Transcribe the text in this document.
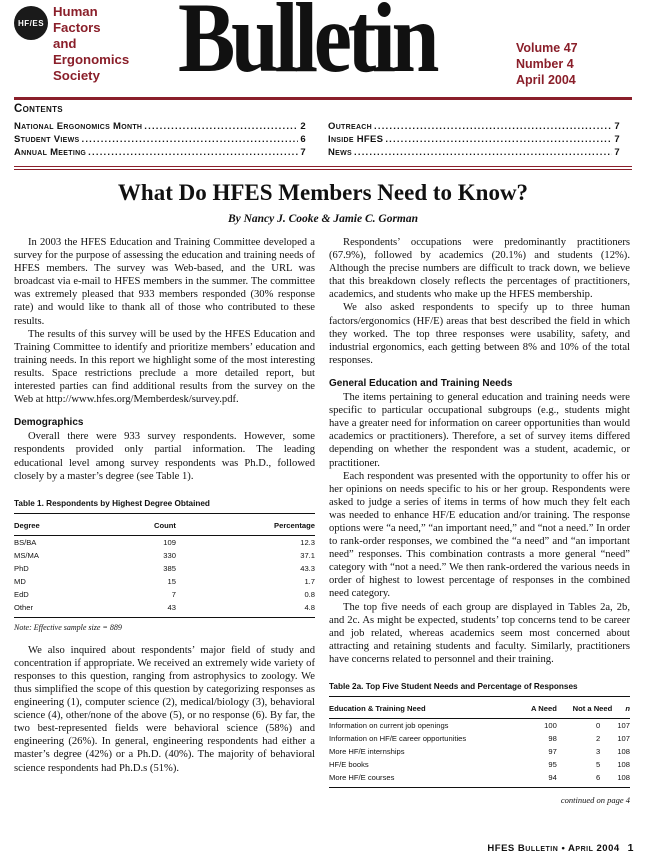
HF/ES
Human
Factors
and
Ergonomics
Society Bulletin	Volume 47
Number 4
April 2004
Contents
National Ergonomics Month .....	2
Student Views .....	6
Annual Meeting .....	7
Outreach .....	7
Inside HFES .....	7
News .....	7
What Do HFES Members Need to Know?
By Nancy J. Cooke & Jamie C. Gorman

In 2003 the HFES Education and Training Committee developed a survey for the purpose of assessing the education and training needs of HFES members. The survey was Web-based, and the URL was broadcast via e-mail to HFES members in the summer. The committee was extremely pleased that 933 members responded (30% response rate) and would like to thank all of those who contributed to these results.

The results of this survey will be used by the HFES Education and Training Committee to identify and prioritize members’ education and training needs. In this report we highlight some of the most interesting results. Space restrictions preclude a more detailed report, but interested parties can find additional results from the survey on the Web at http://www.hfes.org/Memberdesk/survey.pdf.

Demographics

Overall there were 933 survey respondents. However, some respondents provided only partial information. The leading educational level among survey respondents was Ph.D., followed closely by a master’s degree (see Table 1).

Table 1. Respondents by Highest Degree Obtained
Degree	Count	Percentage
BS/BA	109	12.3
MS/MA	330	37.1
PhD	385	43.3
MD	15	1.7
EdD	7	0.8
Other	43	4.8
Note: Effective sample size = 889

We also inquired about respondents’ major field of study and concentration if appropriate. We received an extremely wide variety of responses to this question, ranging from astrophysics to zoology. We thus simplified the scope of this question by categorizing responses as engineering (1), computer science (2), medical/biology (3), behavioral science (4), other/none of the above (5), or no response (6). By far, the two best-represented fields were behavioral science (58%) and engineering (26%). In general, engineering respondents had either a master’s degree (42%) or a Ph.D. (40%). The majority of behavioral science respondents had Ph.D.s (51%).

Respondents’ occupations were predominantly practitioners (67.9%), followed by academics (20.1%) and students (12%). Although the precise numbers are difficult to track down, we believe that this breakdown closely reflects the percentages of practitioners, academics, and students who make up the HFES membership.

We also asked respondents to specify up to three human factors/ergonomics (HF/E) areas that best described the field in which they worked. The top three responses were usability, safety, and industrial ergonomics, each getting between 8% and 10% of the total responses.

General Education and Training Needs

The items pertaining to general education and training needs were specific to particular occupational subgroups (e.g., students might have a greater need for information on career opportunities than would academics or practitioners). Therefore, a set of survey items differed depending on whether the respondent was a student, academic, or practitioner.

Each respondent was presented with the opportunity to offer his or her opinions on needs specific to his or her group. Respondents were asked to judge a series of items in terms of how much they felt each was needed to enhance HF/E education and/or training. The response options were “a need,” “an important need,” and “not a need.” In order to rank-order responses, we combined the “a need” and “an important need” responses. This combination contrasts a more general “need” category with “not a need.” We then rank-ordered the various needs in order of highest to lowest percentage of responses in the combined need category.

The top five needs of each group are displayed in Tables 2a, 2b, and 2c. As might be expected, students’ top concerns tend to be career and job related, whereas academics seem most concerned about attracting and retaining students and faculty. Similarly, practitioners have concerns related to personnel and their training.

Table 2a. Top Five Student Needs and Percentage of Responses
Education & Training Need	A Need	Not a Need	n
Information on current job openings	100	0	107
Information on HF/E career opportunities	98	2	107
More HF/E internships	97	3	108
HF/E books	95	5	108
More HF/E courses	94	6	108
continued on page 4
HFES Bulletin • April 2004 1
